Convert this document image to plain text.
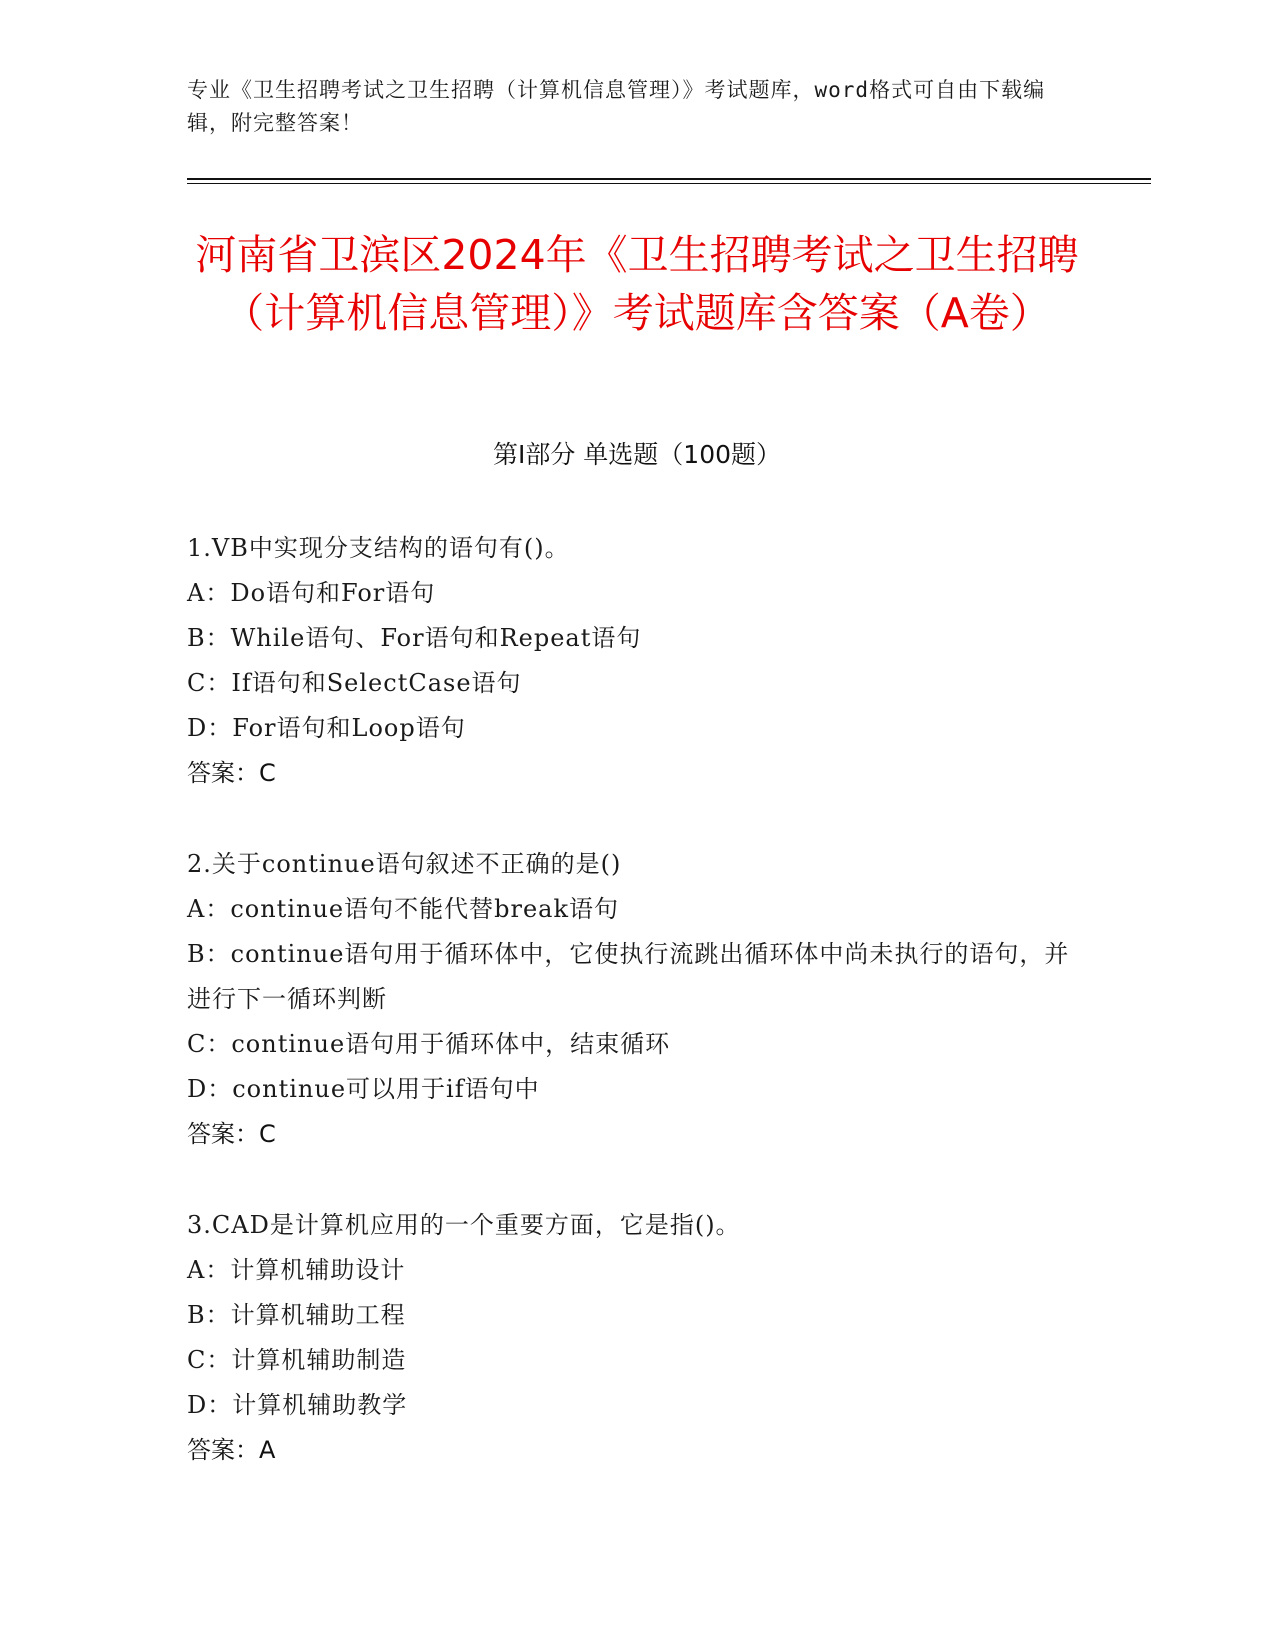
专业《卫生招聘考试之卫生招聘（计算机信息管理）》考试题库，word格式可自由下载编辑，附完整答案！
河南省卫滨区2024年《卫生招聘考试之卫生招聘（计算机信息管理）》考试题库含答案（A卷）
第Ⅰ部分 单选题（100题）
1.VB中实现分支结构的语句有()。
A：Do语句和For语句
B：While语句、For语句和Repeat语句
C：If语句和SelectCase语句
D：For语句和Loop语句
答案：C
2.关于continue语句叙述不正确的是()
A：continue语句不能代替break语句
B：continue语句用于循环体中，它使执行流跳出循环体中尚未执行的语句，并进行下一循环判断
C：continue语句用于循环体中，结束循环
D：continue可以用于if语句中
答案：C
3.CAD是计算机应用的一个重要方面，它是指()。
A：计算机辅助设计
B：计算机辅助工程
C：计算机辅助制造
D：计算机辅助教学
答案：A
